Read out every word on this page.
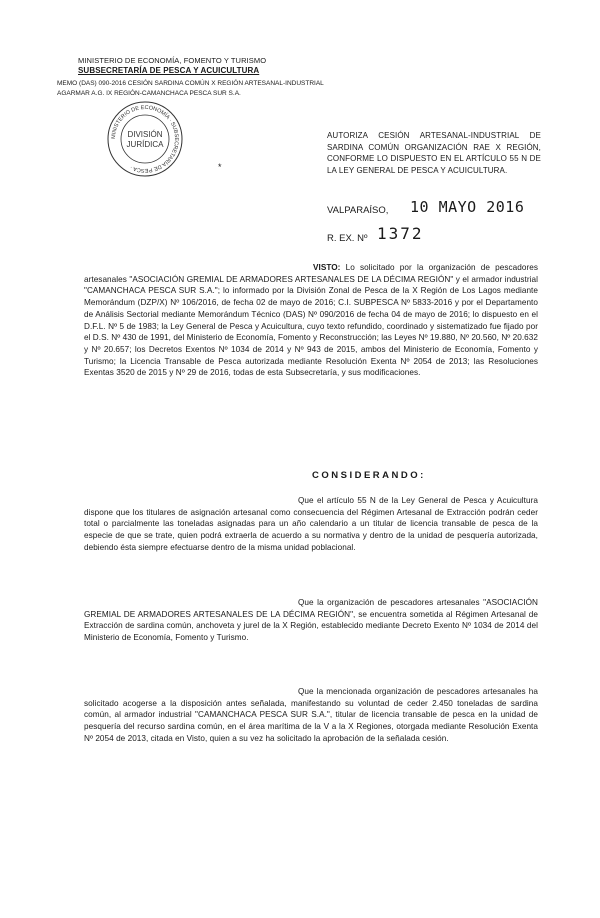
MINISTERIO DE ECONOMÍA, FOMENTO Y TURISMO
SUBSECRETARÍA DE PESCA Y ACUICULTURA
MEMO (DAS) 090-2016 CESIÓN SARDINA COMÚN X REGIÓN ARTESANAL-INDUSTRIAL
AGARMAR A.G. IX REGIÓN-CAMANCHACA PESCA SUR S.A.
MINISTERIO DE ECONOMÍA · SUBSECRETARÍA DE PESCA ·
DIVISIÓN
JURÍDICA
*
AUTORIZA CESIÓN ARTESANAL-INDUSTRIAL DE SARDINA COMÚN ORGANIZACIÓN RAE X REGIÓN, CONFORME LO DISPUESTO EN EL ARTÍCULO 55 N DE LA LEY GENERAL DE PESCA Y ACUICULTURA.
VALPARAÍSO, 10 MAYO 2016
R. EX. Nº 1372
VISTO: Lo solicitado por la organización de pescadores artesanales "ASOCIACIÓN GREMIAL DE ARMADORES ARTESANALES DE LA DÉCIMA REGIÓN" y el armador industrial "CAMANCHACA PESCA SUR S.A."; lo informado por la División Zonal de Pesca de la X Región de Los Lagos mediante Memorándum (DZP/X) Nº 106/2016, de fecha 02 de mayo de 2016; C.I. SUBPESCA Nº 5833-2016 y por el Departamento de Análisis Sectorial mediante Memorándum Técnico (DAS) Nº 090/2016 de fecha 04 de mayo de 2016; lo dispuesto en el D.F.L. Nº 5 de 1983; la Ley General de Pesca y Acuicultura, cuyo texto refundido, coordinado y sistematizado fue fijado por el D.S. Nº 430 de 1991, del Ministerio de Economía, Fomento y Reconstrucción; las Leyes Nº 19.880, Nº 20.560, Nº 20.632 y Nº 20.657; los Decretos Exentos Nº 1034 de 2014 y Nº 943 de 2015, ambos del Ministerio de Economía, Fomento y Turismo; la Licencia Transable de Pesca autorizada mediante Resolución Exenta Nº 2054 de 2013; las Resoluciones Exentas 3520 de 2015 y Nº 29 de 2016, todas de esta Subsecretaría, y sus modificaciones.
CONSIDERANDO:
Que el artículo 55 N de la Ley General de Pesca y Acuicultura dispone que los titulares de asignación artesanal como consecuencia del Régimen Artesanal de Extracción podrán ceder total o parcialmente las toneladas asignadas para un año calendario a un titular de licencia transable de pesca de la especie de que se trate, quien podrá extraerla de acuerdo a su normativa y dentro de la unidad de pesquería autorizada, debiendo ésta siempre efectuarse dentro de la misma unidad poblacional.
Que la organización de pescadores artesanales "ASOCIACIÓN GREMIAL DE ARMADORES ARTESANALES DE LA DÉCIMA REGIÓN", se encuentra sometida al Régimen Artesanal de Extracción de sardina común, anchoveta y jurel de la X Región, establecido mediante Decreto Exento Nº 1034 de 2014 del Ministerio de Economía, Fomento y Turismo.
Que la mencionada organización de pescadores artesanales ha solicitado acogerse a la disposición antes señalada, manifestando su voluntad de ceder 2.450 toneladas de sardina común, al armador industrial "CAMANCHACA PESCA SUR S.A.", titular de licencia transable de pesca en la unidad de pesquería del recurso sardina común, en el área marítima de la V a la X Regiones, otorgada mediante Resolución Exenta Nº 2054 de 2013, citada en Visto, quien a su vez ha solicitado la aprobación de la señalada cesión.
